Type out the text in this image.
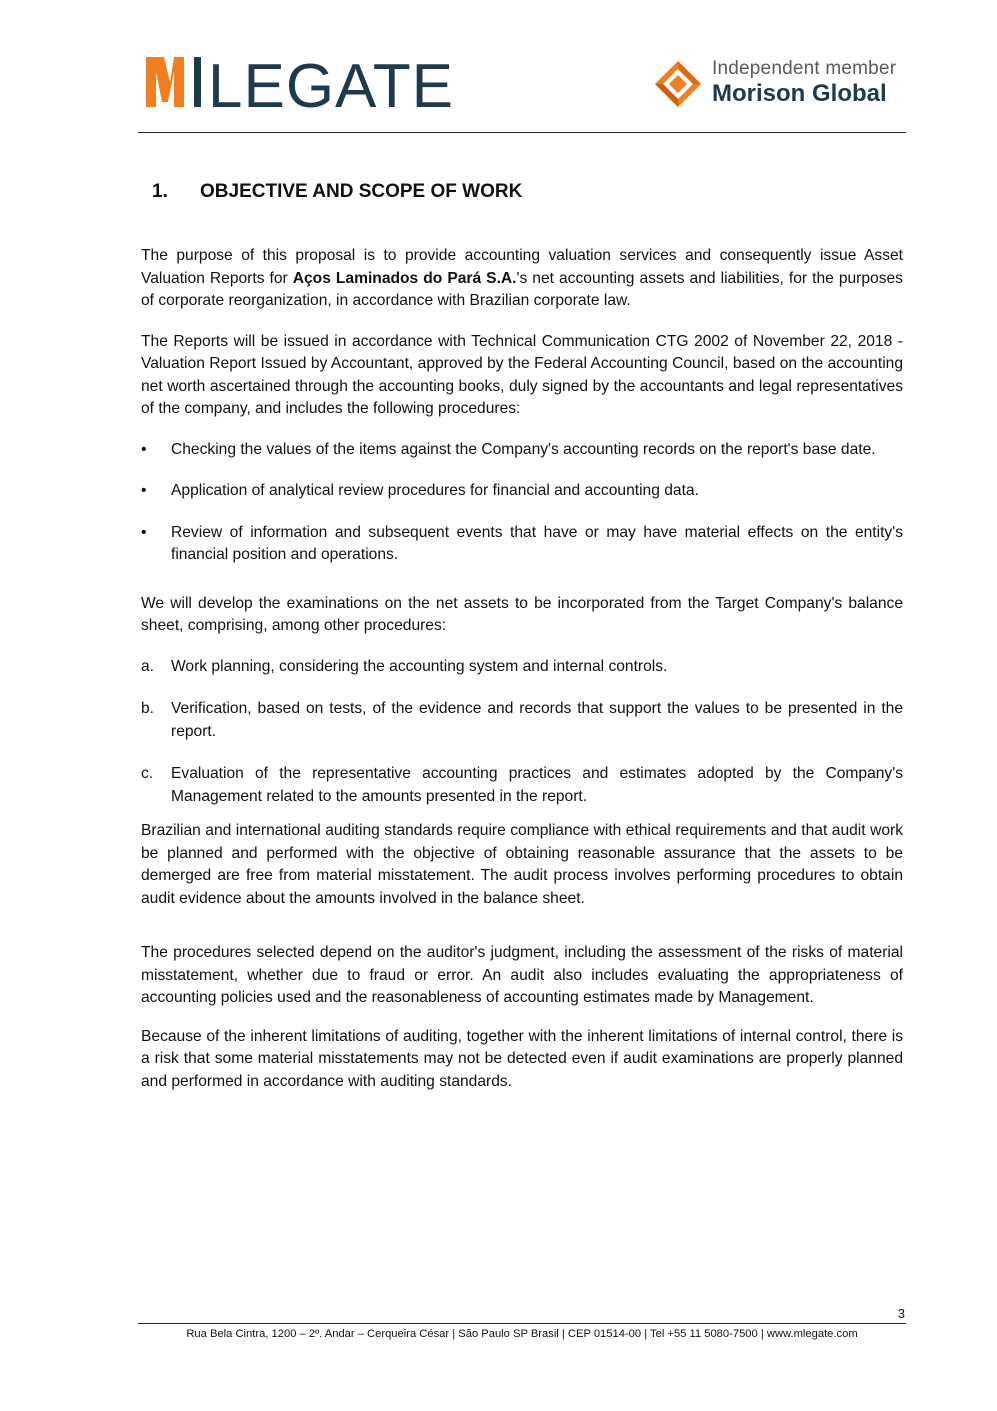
LEGATE	Independent member
Morison Global
1. OBJECTIVE AND SCOPE OF WORK

The purpose of this proposal is to provide accounting valuation services and consequently issue Asset Valuation Reports for Aços Laminados do Pará S.A.'s net accounting assets and liabilities, for the purposes of corporate reorganization, in accordance with Brazilian corporate law.

The Reports will be issued in accordance with Technical Communication CTG 2002 of November 22, 2018 - Valuation Report Issued by Accountant, approved by the Federal Accounting Council, based on the accounting net worth ascertained through the accounting books, duly signed by the accountants and legal representatives of the company, and includes the following procedures:

•	Checking the values of the items against the Company's accounting records on the report's base date.
•	Application of analytical review procedures for financial and accounting data.
•	Review of information and subsequent events that have or may have material effects on the entity's financial position and operations.

We will develop the examinations on the net assets to be incorporated from the Target Company's balance sheet, comprising, among other procedures:

a.	Work planning, considering the accounting system and internal controls.
b.	Verification, based on tests, of the evidence and records that support the values to be presented in the report.
c.	Evaluation of the representative accounting practices and estimates adopted by the Company's Management related to the amounts presented in the report.

Brazilian and international auditing standards require compliance with ethical requirements and that audit work be planned and performed with the objective of obtaining reasonable assurance that the assets to be demerged are free from material misstatement. The audit process involves performing procedures to obtain audit evidence about the amounts involved in the balance sheet.

The procedures selected depend on the auditor's judgment, including the assessment of the risks of material misstatement, whether due to fraud or error. An audit also includes evaluating the appropriateness of accounting policies used and the reasonableness of accounting estimates made by Management.

Because of the inherent limitations of auditing, together with the inherent limitations of internal control, there is a risk that some material misstatements may not be detected even if audit examinations are properly planned and performed in accordance with auditing standards.

3
Rua Bela Cintra, 1200 – 2º. Andar – Cerqueira César | São Paulo SP Brasil | CEP 01514-00 | Tel +55 11 5080-7500 | www.mlegate.com
